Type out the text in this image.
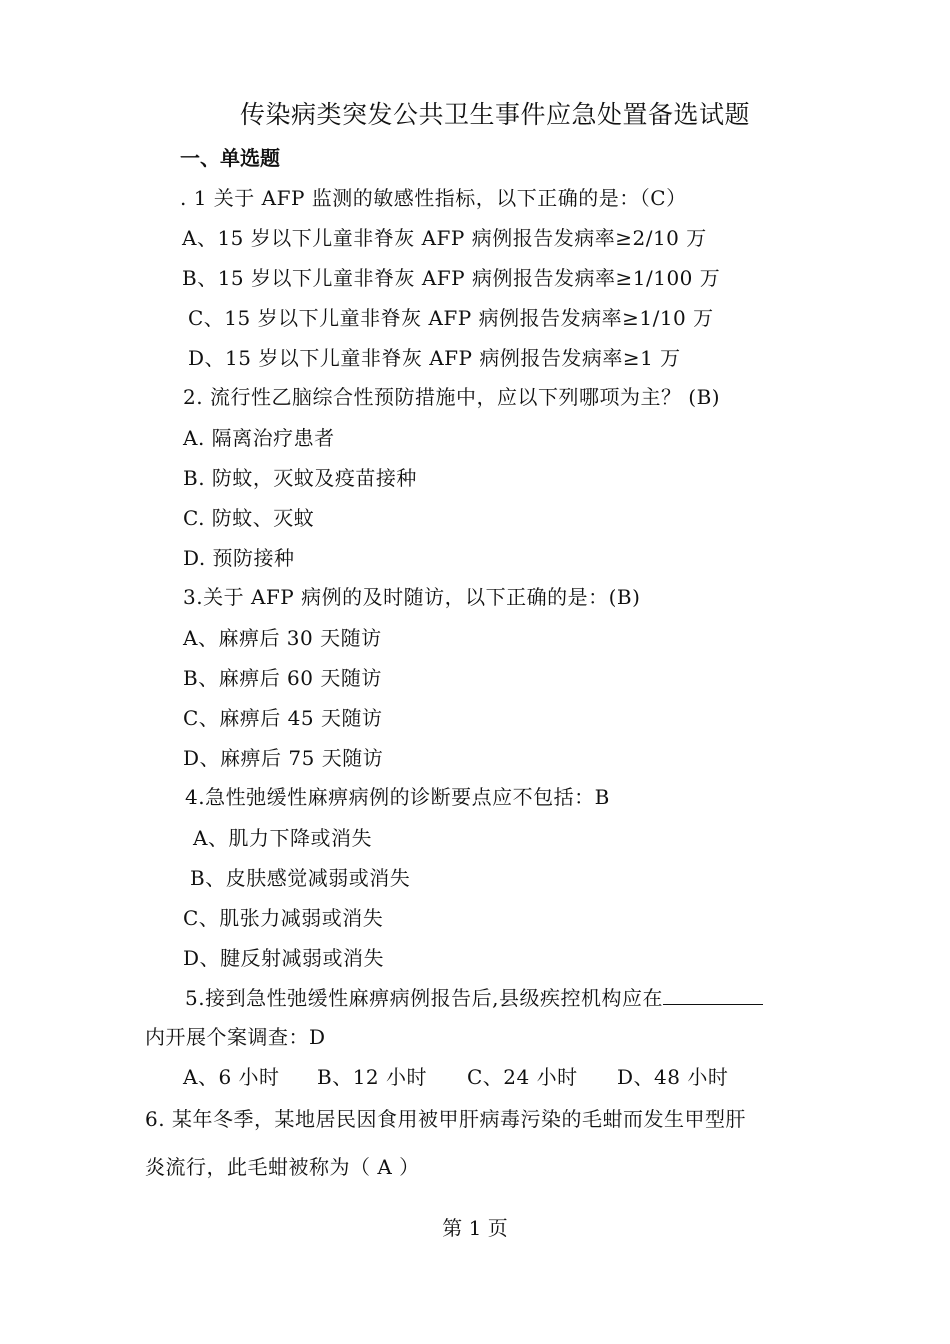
传染病类突发公共卫生事件应急处置备选试题
一、单选题
. 1 关于 AFP 监测的敏感性指标，以下正确的是：（C）
A、15 岁以下儿童非脊灰 AFP 病例报告发病率≥2/10 万
B、15 岁以下儿童非脊灰 AFP 病例报告发病率≥1/100 万
C、15 岁以下儿童非脊灰 AFP 病例报告发病率≥1/10 万
D、15 岁以下儿童非脊灰 AFP 病例报告发病率≥1 万
2. 流行性乙脑综合性预防措施中，应以下列哪项为主？ (B)
A. 隔离治疗患者
B. 防蚊，灭蚊及疫苗接种
C. 防蚊、灭蚊
D. 预防接种
3.关于 AFP 病例的及时随访，以下正确的是：(B)
A、麻痹后 30 天随访
B、麻痹后 60 天随访
C、麻痹后 45 天随访
D、麻痹后 75 天随访
4.急性弛缓性麻痹病例的诊断要点应不包括：B
A、肌力下降或消失
B、皮肤感觉减弱或消失
C、肌张力减弱或消失
D、腱反射减弱或消失
5.接到急性弛缓性麻痹病例报告后,县级疾控机构应在
内开展个案调查：D
A、6 小时 B、12 小时 C、24 小时 D、48 小时
6. 某年冬季，某地居民因食用被甲肝病毒污染的毛蚶而发生甲型肝
炎流行，此毛蚶被称为（ A ）
第 1 页
